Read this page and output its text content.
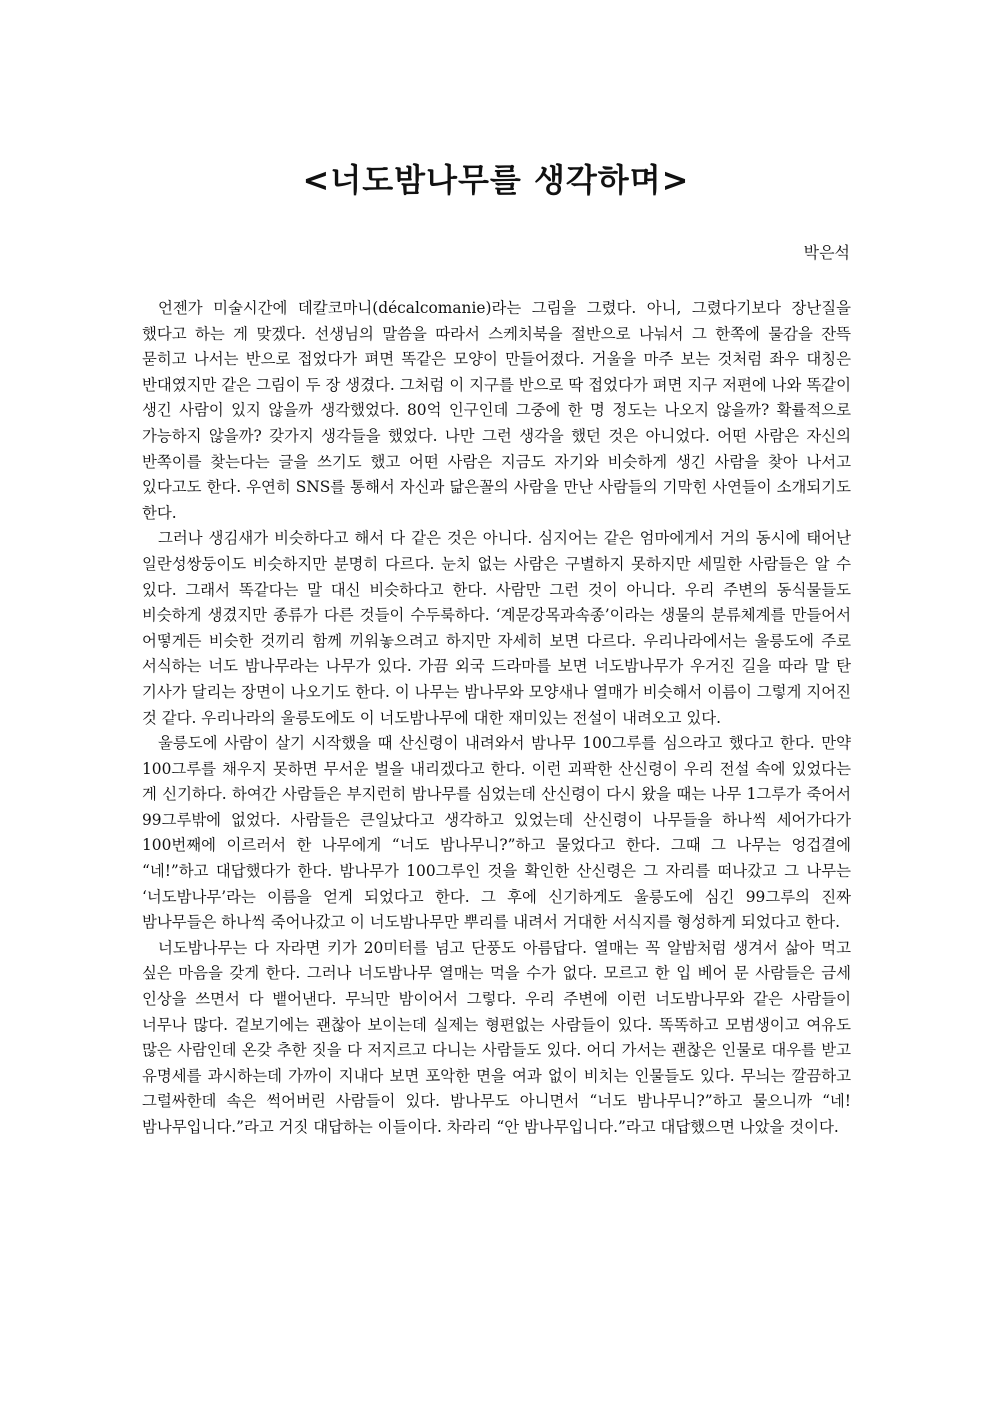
<너도밤나무를 생각하며>

박은석

언젠가 미술시간에 데칼코마니(décalcomanie)라는 그림을 그렸다. 아니, 그렸다기보다 장난질을 했다고 하는 게 맞겠다. 선생님의 말씀을 따라서 스케치북을 절반으로 나눠서 그 한쪽에 물감을 잔뜩 묻히고 나서는 반으로 접었다가 펴면 똑같은 모양이 만들어졌다. 거울을 마주 보는 것처럼 좌우 대칭은 반대였지만 같은 그림이 두 장 생겼다. 그처럼 이 지구를 반으로 딱 접었다가 펴면 지구 저편에 나와 똑같이 생긴 사람이 있지 않을까 생각했었다. 80억 인구인데 그중에 한 명 정도는 나오지 않을까? 확률적으로 가능하지 않을까? 갖가지 생각들을 했었다. 나만 그런 생각을 했던 것은 아니었다. 어떤 사람은 자신의 반쪽이를 찾는다는 글을 쓰기도 했고 어떤 사람은 지금도 자기와 비슷하게 생긴 사람을 찾아 나서고 있다고도 한다. 우연히 SNS를 통해서 자신과 닮은꼴의 사람을 만난 사람들의 기막힌 사연들이 소개되기도 한다.

그러나 생김새가 비슷하다고 해서 다 같은 것은 아니다. 심지어는 같은 엄마에게서 거의 동시에 태어난 일란성쌍둥이도 비슷하지만 분명히 다르다. 눈치 없는 사람은 구별하지 못하지만 세밀한 사람들은 알 수 있다. 그래서 똑같다는 말 대신 비슷하다고 한다. 사람만 그런 것이 아니다. 우리 주변의 동식물들도 비슷하게 생겼지만 종류가 다른 것들이 수두룩하다. ‘계문강목과속종’이라는 생물의 분류체계를 만들어서 어떻게든 비슷한 것끼리 함께 끼워놓으려고 하지만 자세히 보면 다르다. 우리나라에서는 울릉도에 주로 서식하는 너도 밤나무라는 나무가 있다. 가끔 외국 드라마를 보면 너도밤나무가 우거진 길을 따라 말 탄 기사가 달리는 장면이 나오기도 한다. 이 나무는 밤나무와 모양새나 열매가 비슷해서 이름이 그렇게 지어진 것 같다. 우리나라의 울릉도에도 이 너도밤나무에 대한 재미있는 전설이 내려오고 있다.

울릉도에 사람이 살기 시작했을 때 산신령이 내려와서 밤나무 100그루를 심으라고 했다고 한다. 만약 100그루를 채우지 못하면 무서운 벌을 내리겠다고 한다. 이런 괴팍한 산신령이 우리 전설 속에 있었다는 게 신기하다. 하여간 사람들은 부지런히 밤나무를 심었는데 산신령이 다시 왔을 때는 나무 1그루가 죽어서 99그루밖에 없었다. 사람들은 큰일났다고 생각하고 있었는데 산신령이 나무들을 하나씩 세어가다가 100번째에 이르러서 한 나무에게 “너도 밤나무니?”하고 물었다고 한다. 그때 그 나무는 엉겁결에 “네!”하고 대답했다가 한다. 밤나무가 100그루인 것을 확인한 산신령은 그 자리를 떠나갔고 그 나무는 ‘너도밤나무’라는 이름을 얻게 되었다고 한다. 그 후에 신기하게도 울릉도에 심긴 99그루의 진짜 밤나무들은 하나씩 죽어나갔고 이 너도밤나무만 뿌리를 내려서 거대한 서식지를 형성하게 되었다고 한다.

너도밤나무는 다 자라면 키가 20미터를 넘고 단풍도 아름답다. 열매는 꼭 알밤처럼 생겨서 삶아 먹고 싶은 마음을 갖게 한다. 그러나 너도밤나무 열매는 먹을 수가 없다. 모르고 한 입 베어 문 사람들은 금세 인상을 쓰면서 다 뱉어낸다. 무늬만 밤이어서 그렇다. 우리 주변에 이런 너도밤나무와 같은 사람들이 너무나 많다. 겉보기에는 괜찮아 보이는데 실제는 형편없는 사람들이 있다. 똑똑하고 모범생이고 여유도 많은 사람인데 온갖 추한 짓을 다 저지르고 다니는 사람들도 있다. 어디 가서는 괜찮은 인물로 대우를 받고 유명세를 과시하는데 가까이 지내다 보면 포악한 면을 여과 없이 비치는 인물들도 있다. 무늬는 깔끔하고 그럴싸한데 속은 썩어버린 사람들이 있다. 밤나무도 아니면서 “너도 밤나무니?”하고 물으니까 “네! 밤나무입니다.”라고 거짓 대답하는 이들이다. 차라리 “안 밤나무입니다.”라고 대답했으면 나았을 것이다.
